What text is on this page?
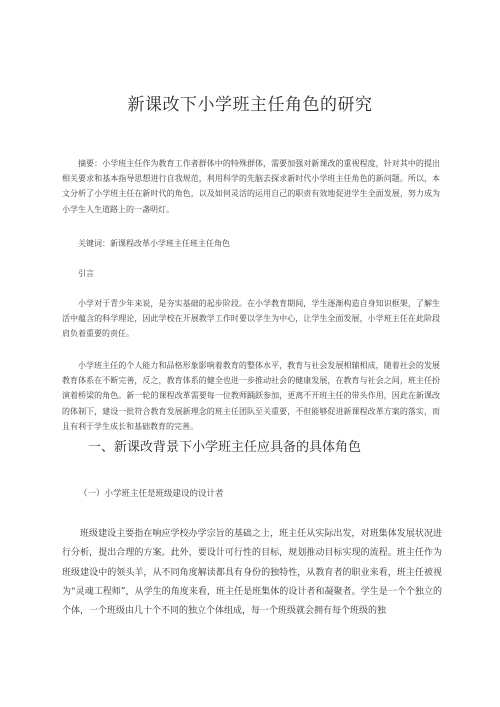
新课改下小学班主任角色的研究
摘要：小学班主任作为教育工作者群体中的特殊群体，需要加强对新课改的重视程度，针对其中的提出相关要求和基本指导思想进行自我规范，利用科学的先脑去探求新时代小学班主任角色的新问题。所以，本文分析了小学班主任在新时代的角色，以及如何灵活的运用自己的职责有效地促进学生全面发展，努力成为小学生人生道路上的一盏明灯。
关键词：新课程改革小学班主任班主任角色
引言
小学对于青少年来说，是夯实基础的起步阶段。在小学教育期间，学生逐渐构造自身知识框架，了解生活中蕴含的科学理论，因此学校在开展教学工作时要以学生为中心，让学生全面发展，小学班主任在此阶段肩负着重要的责任。
小学班主任的个人能力和品格形象影响着教育的整体水平，教育与社会发展相辅相成，随着社会的发展教育体系在不断完善，反之，教育体系的健全也进一步推动社会的健康发展，在教育与社会之间，班主任扮演着桥梁的角色。新一轮的课程改革需要每一位教师踊跃参加，更离不开班主任的带头作用，因此在新课改的体制下，建设一批符合教育发展新理念的班主任团队至关重要，不但能够促进新课程改革方案的落实，而且有利于学生成长和基础教育的完善。
一、新课改背景下小学班主任应具备的具体角色
（一）小学班主任是班级建设的设计者
班级建设主要指在响应学校办学宗旨的基础之上，班主任从实际出发，对班集体发展状况进行分析，提出合理的方案。此外，要设计可行性的目标，规划推动目标实现的流程。班主任作为班级建设中的领头羊，从不同角度解读都具有身份的独特性，从教育者的职业来看，班主任被视为“灵魂工程师”，从学生的角度来看，班主任是班集体的设计者和凝聚者。学生是一个个独立的个体，一个班级由几十个不同的独立个体组成，每一个班级就会拥有每个班级的独
